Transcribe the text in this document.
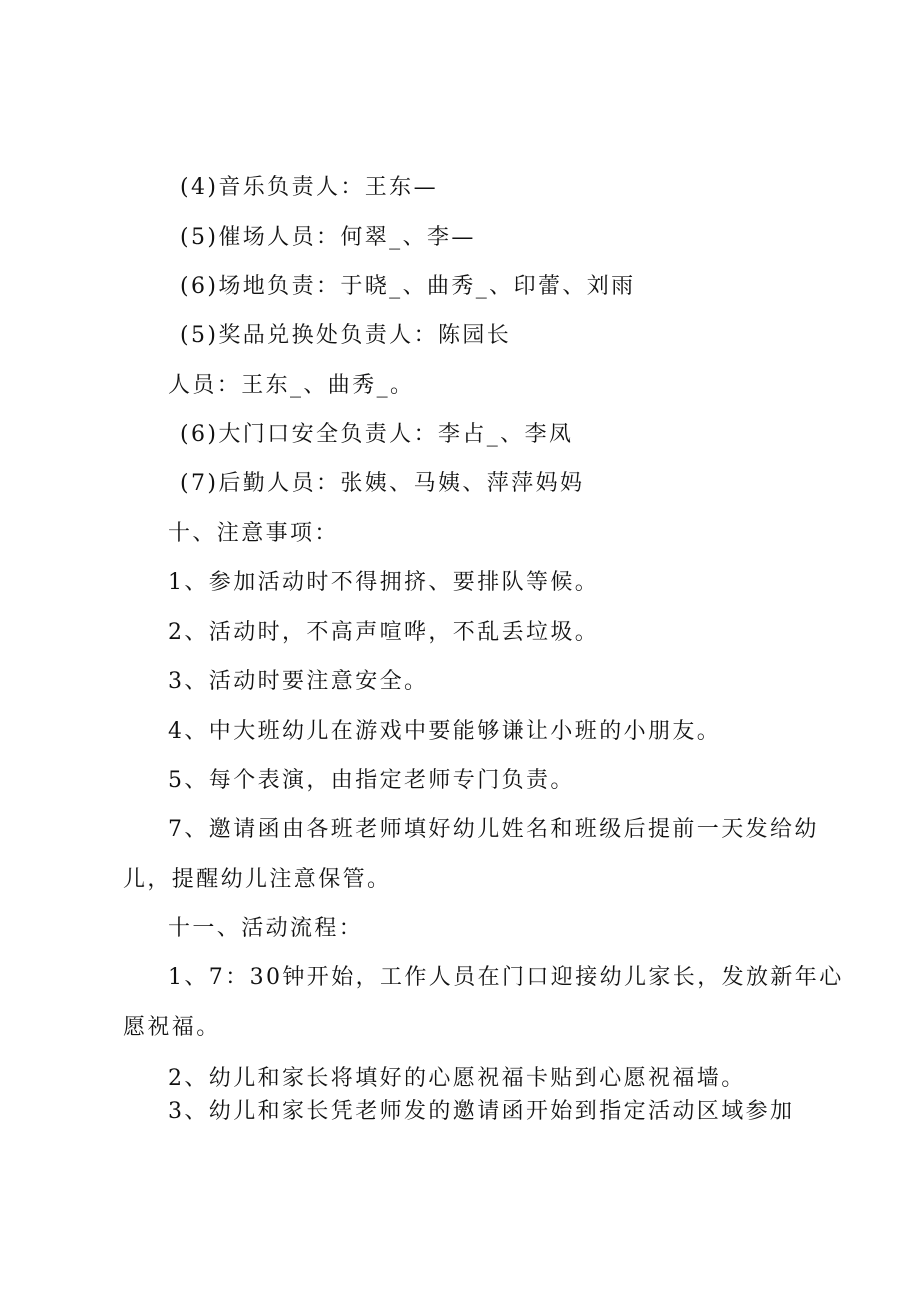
(4)音乐负责人：王东—

(5)催场人员：何翠_、李—

(6)场地负责：于晓_、曲秀_、印蕾、刘雨

(5)奖品兑换处负责人：陈园长

人员：王东_、曲秀_。

(6)大门口安全负责人：李占_、李凤

(7)后勤人员：张姨、马姨、萍萍妈妈

十、注意事项：

1、参加活动时不得拥挤、要排队等候。

2、活动时，不高声喧哗，不乱丢垃圾。

3、活动时要注意安全。

4、中大班幼儿在游戏中要能够谦让小班的小朋友。

5、每个表演，由指定老师专门负责。

7、邀请函由各班老师填好幼儿姓名和班级后提前一天发给幼

儿，提醒幼儿注意保管。

十一、活动流程：

1、7：30钟开始，工作人员在门口迎接幼儿家长，发放新年心

愿祝福。

2、幼儿和家长将填好的心愿祝福卡贴到心愿祝福墙。

3、幼儿和家长凭老师发的邀请函开始到指定活动区域参加
